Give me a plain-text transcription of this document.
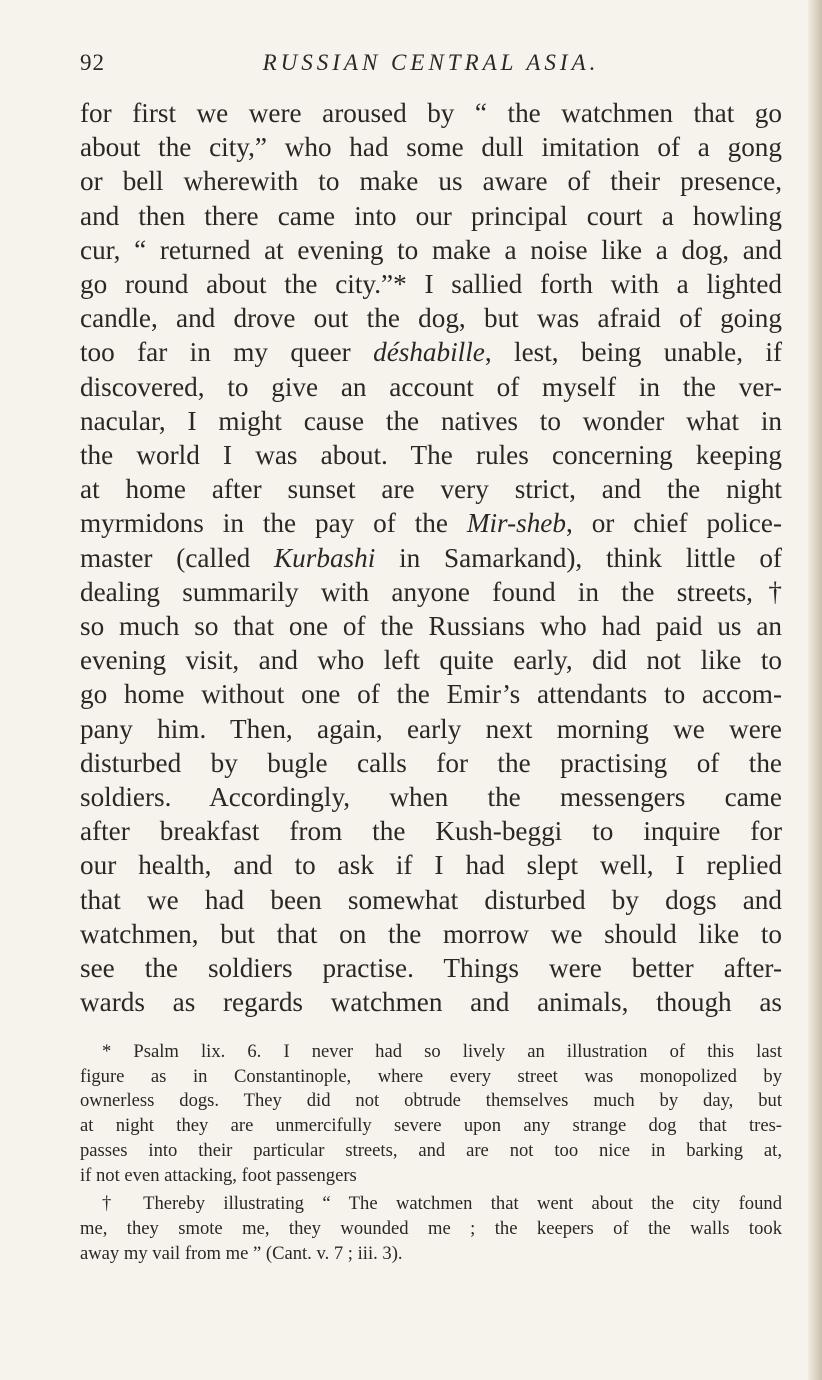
92	RUSSIAN CENTRAL ASIA.
for first we were aroused by “ the watchmen that go
about the city,” who had some dull imitation of a gong
or bell wherewith to make us aware of their presence,
and then there came into our principal court a howling
cur, “ returned at evening to make a noise like a dog, and
go round about the city.”* I sallied forth with a lighted
candle, and drove out the dog, but was afraid of going
too far in my queer déshabille, lest, being unable, if
discovered, to give an account of myself in the ver-
nacular, I might cause the natives to wonder what in
the world I was about. The rules concerning keeping
at home after sunset are very strict, and the night
myrmidons in the pay of the Mir-sheb, or chief police-
master (called Kurbashi in Samarkand), think little of
dealing summarily with anyone found in the streets,†
so much so that one of the Russians who had paid us an
evening visit, and who left quite early, did not like to
go home without one of the Emir’s attendants to accom-
pany him. Then, again, early next morning we were
disturbed by bugle calls for the practising of the
soldiers. Accordingly, when the messengers came
after breakfast from the Kush-beggi to inquire for
our health, and to ask if I had slept well, I replied
that we had been somewhat disturbed by dogs and
watchmen, but that on the morrow we should like to
see the soldiers practise. Things were better after-
wards as regards watchmen and animals, though as
* Psalm lix. 6. I never had so lively an illustration of this last
figure as in Constantinople, where every street was monopolized by
ownerless dogs. They did not obtrude themselves much by day, but
at night they are unmercifully severe upon any strange dog that tres-
passes into their particular streets, and are not too nice in barking at,
if not even attacking, foot passengers
† Thereby illustrating “ The watchmen that went about the city found
me, they smote me, they wounded me ; the keepers of the walls took
away my vail from me ” (Cant. v. 7 ; iii. 3).
